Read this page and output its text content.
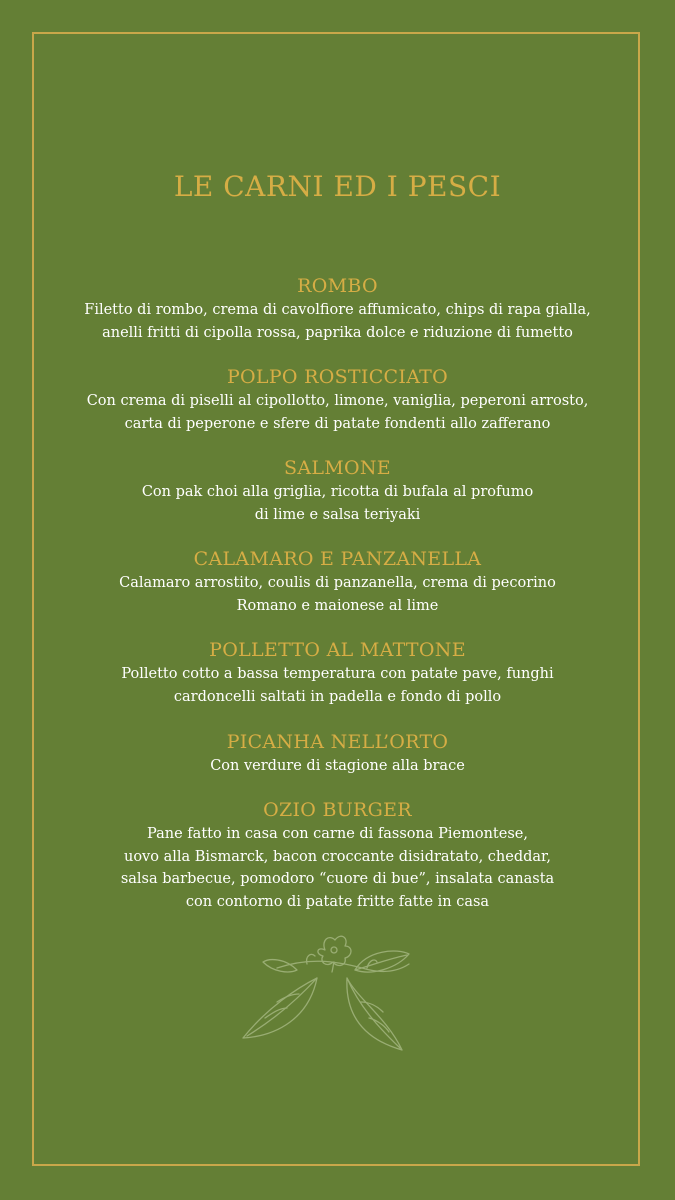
LE CARNI ED I PESCI
ROMBO

Filetto di rombo, crema di cavolfiore affumicato, chips di rapa gialla,
anelli fritti di cipolla rossa, paprika dolce e riduzione di fumetto

POLPO ROSTICCIATO

Con crema di piselli al cipollotto, limone, vaniglia, peperoni arrosto,
carta di peperone e sfere di patate fondenti allo zafferano

SALMONE

Con pak choi alla griglia, ricotta di bufala al profumo
di lime e salsa teriyaki

CALAMARO E PANZANELLA

Calamaro arrostito, coulis di panzanella, crema di pecorino
Romano e maionese al lime

POLLETTO AL MATTONE

Polletto cotto a bassa temperatura con patate pave, funghi
cardoncelli saltati in padella e fondo di pollo

PICANHA NELL’ORTO

Con verdure di stagione alla brace

OZIO BURGER

Pane fatto in casa con carne di fassona Piemontese,
uovo alla Bismarck, bacon croccante disidratato, cheddar,
salsa barbecue, pomodoro “cuore di bue”, insalata canasta
con contorno di patate fritte fatte in casa
